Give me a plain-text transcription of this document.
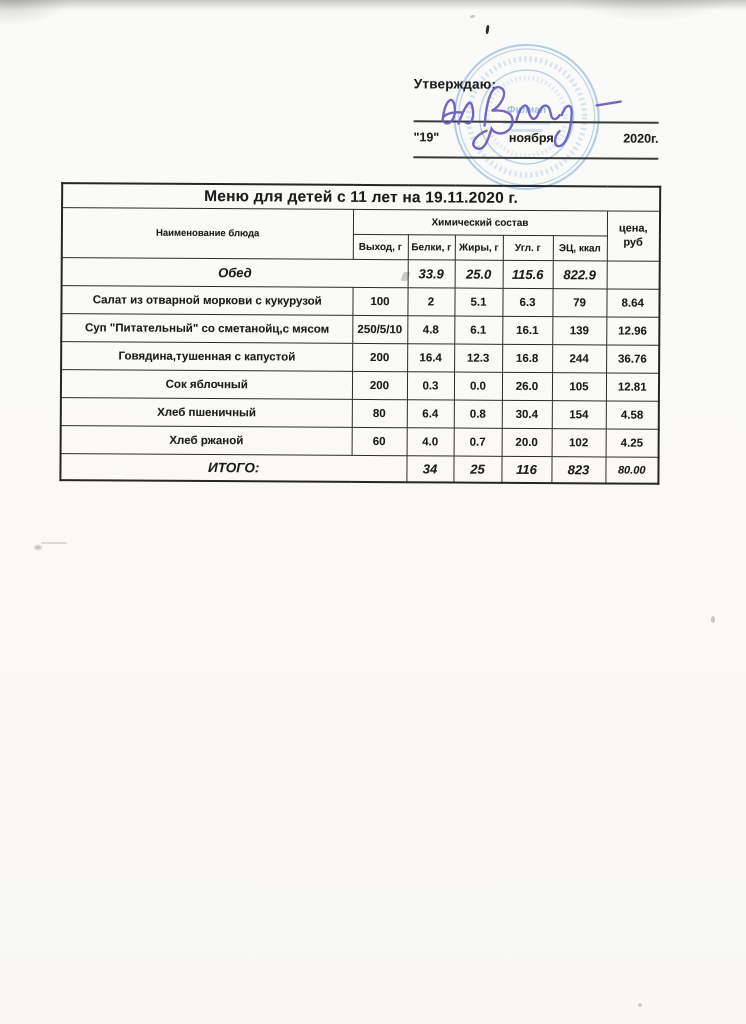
Филиал
Утверждаю:
"19"	ноября	2020г.
Меню для детей с 11 лет на 19.11.2020 г.						
Наименование блюда	Химический состав					цена,
руб

	Выход, г	Белки, г	Жиры, г	Угл. г	ЭЦ, ккал	
Обед		33.9	25.0	115.6	822.9	
Салат из отварной моркови с кукурузой	100	2	5.1	6.3	79	8.64
Суп "Питательный" со сметанойц,с мясом	250/5/10	4.8	6.1	16.1	139	12.96
Говядина,тушенная с капустой	200	16.4	12.3	16.8	244	36.76
Сок яблочный	200	0.3	0.0	26.0	105	12.81
Хлеб пшеничный	80	6.4	0.8	30.4	154	4.58
Хлеб ржаной	60	4.0	0.7	20.0	102	4.25
ИТОГО:		34	25	116	823	80.00
